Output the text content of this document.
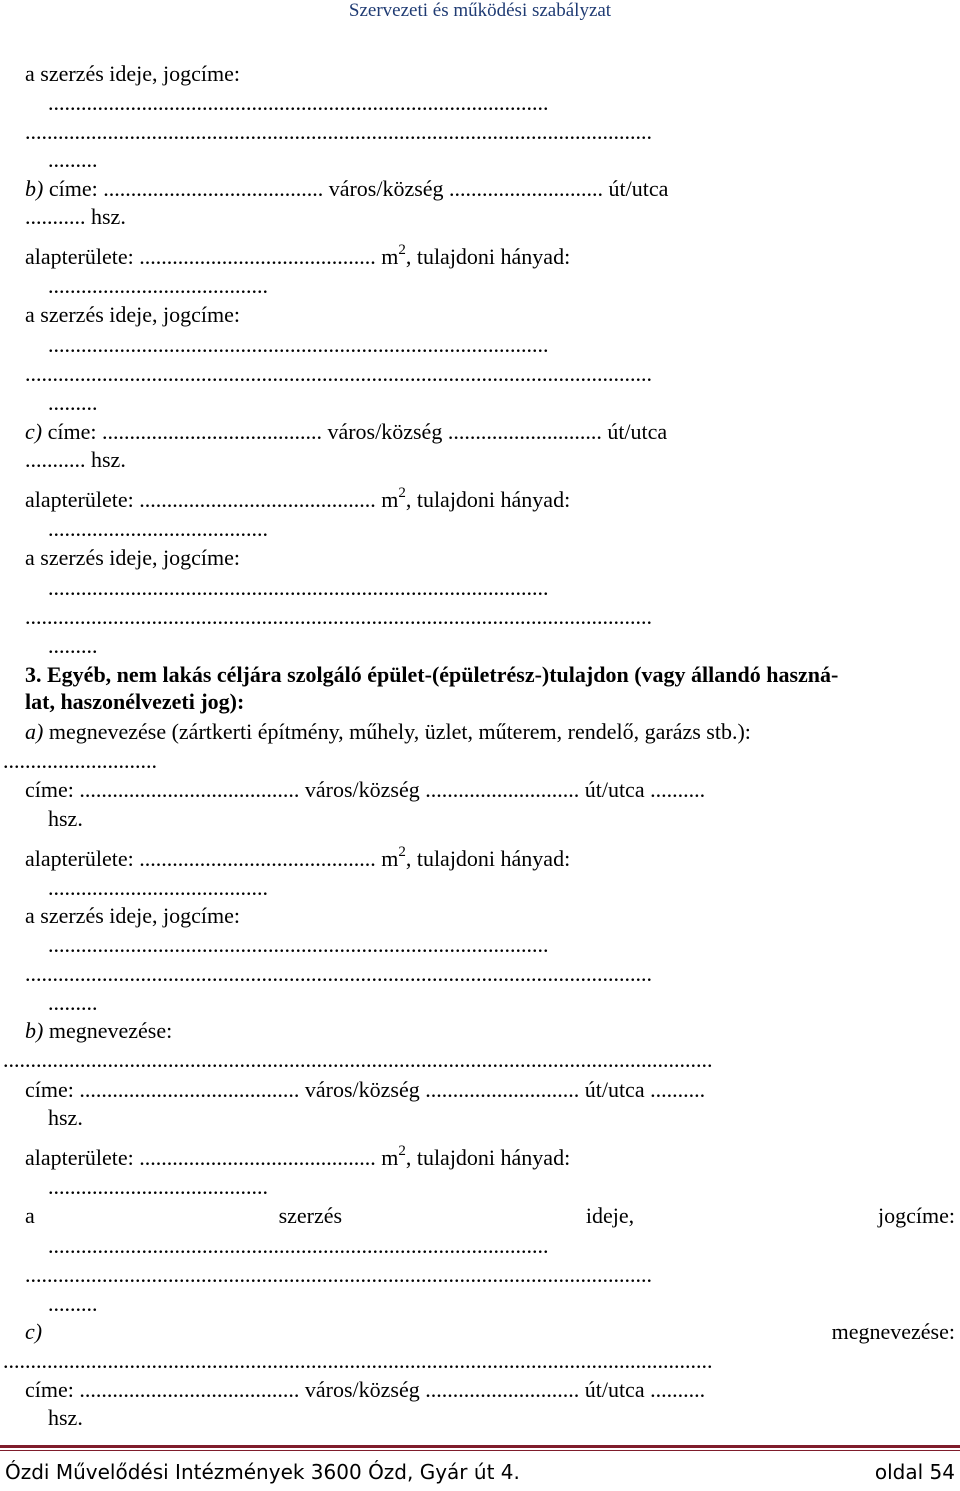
Szervezeti és működési szabályzat
a szerzés ideje, jogcíme:
...........................................................................................
..................................................................................................................
.........
b) címe: ........................................ város/község ............................ út/utca
........... hsz.
alapterülete: ........................................... $m^2$, tulajdoni hányad:
........................................
a szerzés ideje, jogcíme:
...........................................................................................
..................................................................................................................
.........
c) címe: ........................................ város/község ............................ út/utca
........... hsz.
alapterülete: ........................................... $m^2$, tulajdoni hányad:
........................................
a szerzés ideje, jogcíme:
...........................................................................................
..................................................................................................................
.........
3. Egyéb, nem lakás céljára szolgáló épület-(épületrész-)tulajdon (vagy állandó haszná-
lat, haszonélvezeti jog):
a) megnevezése (zártkerti építmény, műhely, üzlet, műterem, rendelő, garázs stb.):
............................
címe: ........................................ város/község ............................ út/utca ..........
hsz.
alapterülete: ........................................... $m^2$, tulajdoni hányad:
........................................
a szerzés ideje, jogcíme:
...........................................................................................
..................................................................................................................
.........
b) megnevezése:
.................................................................................................................................
címe: ........................................ város/község ............................ út/utca ..........
hsz.
alapterülete: ........................................... $m^2$, tulajdoni hányad:
........................................
a	szerzés	ideje,	jogcíme:
...........................................................................................
..................................................................................................................
.........
c)	megnevezése:
.................................................................................................................................
címe: ........................................ város/község ............................ út/utca ..........
hsz.
Ózdi Művelődési Intézmények 3600 Ózd, Gyár út 4.	oldal 54
